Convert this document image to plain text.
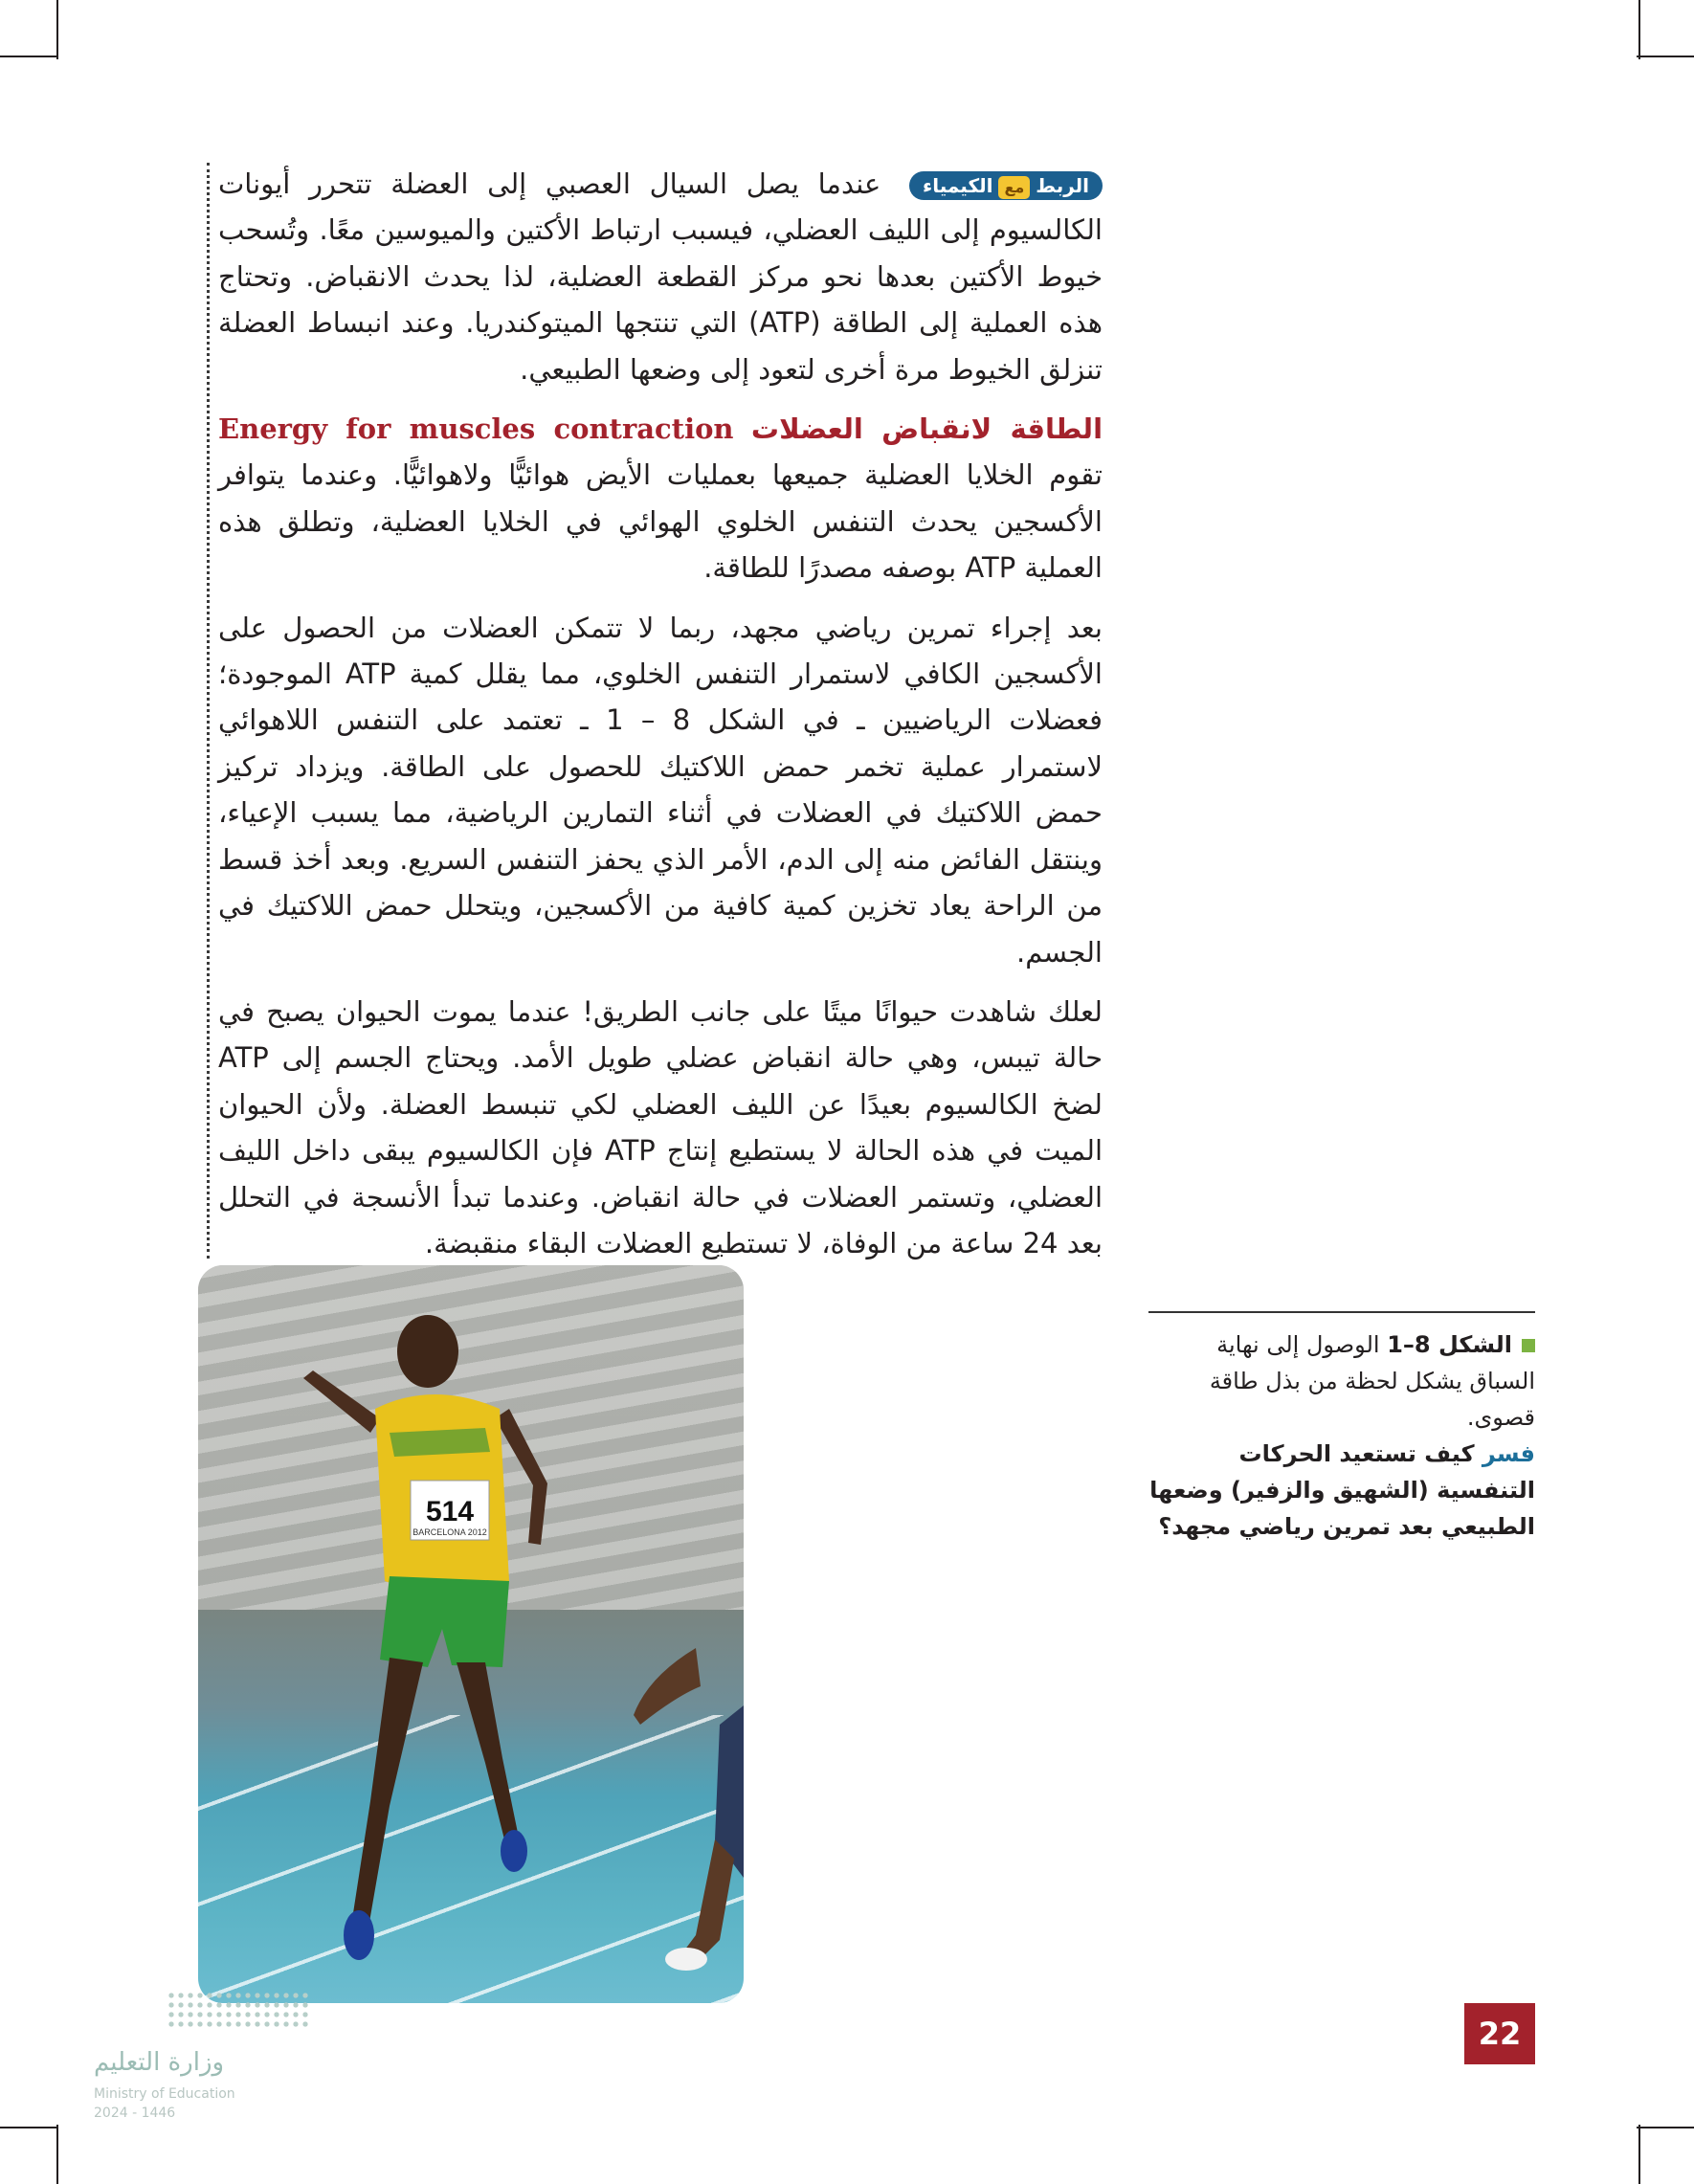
الربطمعالكيمياء عندما يصل السيال العصبي إلى العضلة تتحرر أيونات الكالسيوم إلى الليف العضلي، فيسبب ارتباط الأكتين والميوسين معًا. وتُسحب خيوط الأكتين بعدها نحو مركز القطعة العضلية، لذا يحدث الانقباض. وتحتاج هذه العملية إلى الطاقة (ATP) التي تنتجها الميتوكندريا. وعند انبساط العضلة تنزلق الخيوط مرة أخرى لتعود إلى وضعها الطبيعي.

الطاقة لانقباض العضلات Energy for muscles contraction تقوم الخلايا العضلية جميعها بعمليات الأيض هوائيًّا ولاهوائيًّا. وعندما يتوافر الأكسجين يحدث التنفس الخلوي الهوائي في الخلايا العضلية، وتطلق هذه العملية ATP بوصفه مصدرًا للطاقة.

بعد إجراء تمرين رياضي مجهد، ربما لا تتمكن العضلات من الحصول على الأكسجين الكافي لاستمرار التنفس الخلوي، مما يقلل كمية ATP الموجودة؛ فعضلات الرياضيين ـ في الشكل 8 – 1 ـ تعتمد على التنفس اللاهوائي لاستمرار عملية تخمر حمض اللاكتيك للحصول على الطاقة. ويزداد تركيز حمض اللاكتيك في العضلات في أثناء التمارين الرياضية، مما يسبب الإعياء، وينتقل الفائض منه إلى الدم، الأمر الذي يحفز التنفس السريع. وبعد أخذ قسط من الراحة يعاد تخزين كمية كافية من الأكسجين، ويتحلل حمض اللاكتيك في الجسم.

لعلك شاهدت حيوانًا ميتًا على جانب الطريق! عندما يموت الحيوان يصبح في حالة تيبس، وهي حالة انقباض عضلي طويل الأمد. ويحتاج الجسم إلى ATP لضخ الكالسيوم بعيدًا عن الليف العضلي لكي تنبسط العضلة. ولأن الحيوان الميت في هذه الحالة لا يستطيع إنتاج ATP فإن الكالسيوم يبقى داخل الليف العضلي، وتستمر العضلات في حالة انقباض. وعندما تبدأ الأنسجة في التحلل بعد 24 ساعة من الوفاة، لا تستطيع العضلات البقاء منقبضة.

514
BARCELONA 2012
الشكل 8–1 الوصول إلى نهاية السباق يشكل لحظة من بذل طاقة قصوى.
فسر كيف تستعيد الحركات التنفسية (الشهيق والزفير) وضعها الطبيعي بعد تمرين رياضي مجهد؟
22
وزارة التعليم
Ministry of Education
2024 - 1446
